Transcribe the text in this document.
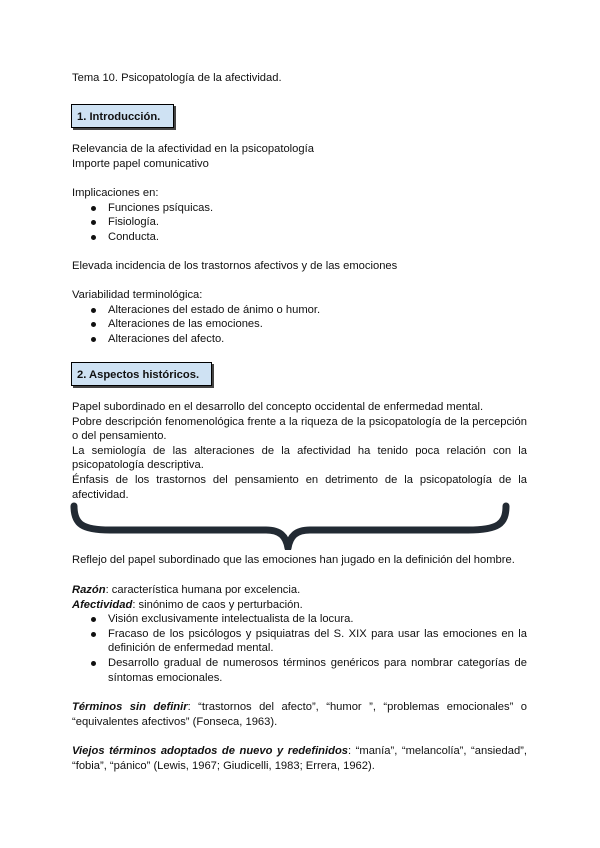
Tema 10. Psicopatología de la afectividad.
1. Introducción.
Relevancia de la afectividad en la psicopatología
Importe papel comunicativo
Implicaciones en:
Funciones psíquicas.
Fisiología.
Conducta.
Elevada incidencia de los trastornos afectivos y de las emociones
Variabilidad terminológica:
Alteraciones del estado de ánimo o humor.
Alteraciones de las emociones.
Alteraciones del afecto.
2. Aspectos históricos.
Papel subordinado en el desarrollo del concepto occidental de enfermedad mental.
Pobre descripción fenomenológica frente a la riqueza de la psicopatología de la percepción o del pensamiento.
La semiología de las alteraciones de la afectividad ha tenido poca relación con la psicopatología descriptiva.
Énfasis de los trastornos del pensamiento en detrimento de la psicopatología de la afectividad.
Reflejo del papel subordinado que las emociones han jugado en la definición del hombre.
Razón: característica humana por excelencia.
Afectividad: sinónimo de caos y perturbación.
Visión exclusivamente intelectualista de la locura.
Fracaso de los psicólogos y psiquiatras del S. XIX para usar las emociones en la definición de enfermedad mental.
Desarrollo gradual de numerosos términos genéricos para nombrar categorías de síntomas emocionales.
Términos sin definir: “trastornos del afecto”, “humor ”, “problemas emocionales” o “equivalentes afectivos” (Fonseca, 1963).
Viejos términos adoptados de nuevo y redefinidos: “manía”, “melancolía”, “ansiedad”, “fobia”, “pánico” (Lewis, 1967; Giudicelli, 1983; Errera, 1962).
